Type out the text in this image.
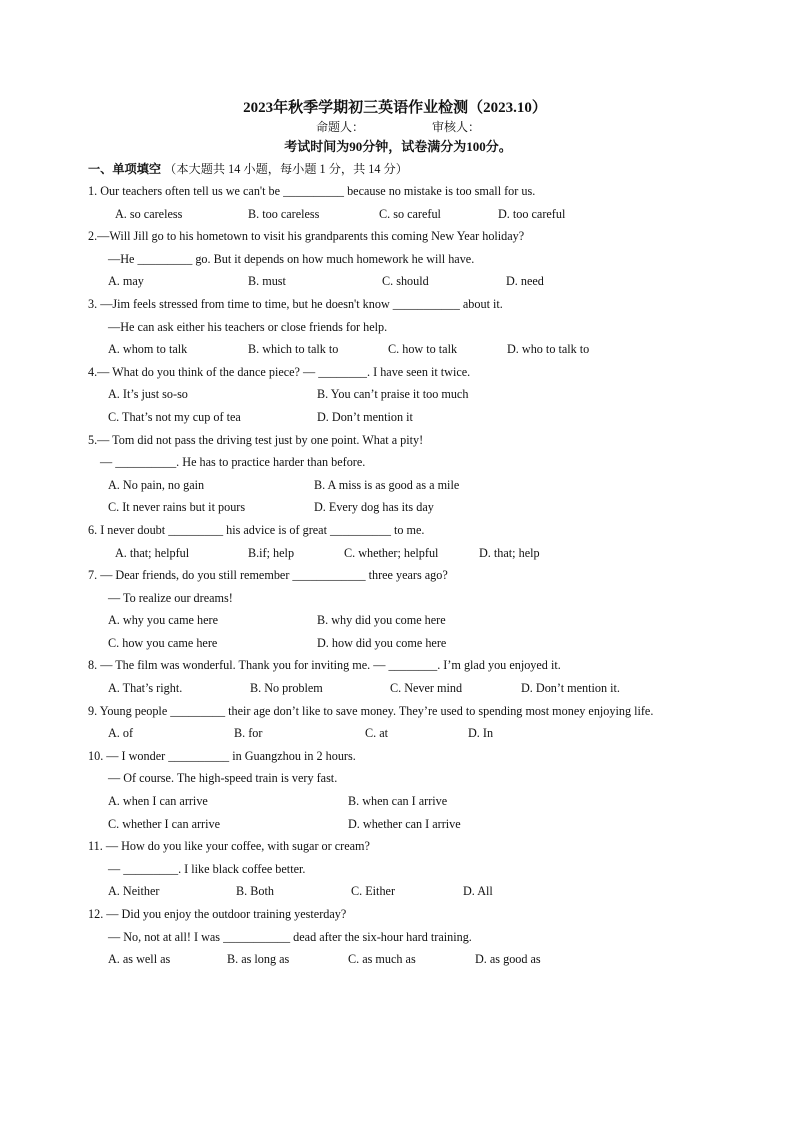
2023年秋季学期初三英语作业检测（2023.10）
命题人：	审核人：
考试时间为90分钟，试卷满分为100分。
一、单项填空 （本大题共 14 小题，每小题 1 分，共 14 分）
1. Our teachers often tell us we can't be __________ because no mistake is too small for us.
A. so careless	B. too careless	C. so careful	D. too careful
2.—Will Jill go to his hometown to visit his grandparents this coming New Year holiday?
—He _________ go. But it depends on how much homework he will have.
A. may	B. must	C. should	D. need
3. —Jim feels stressed from time to time, but he doesn't know ___________ about it.
—He can ask either his teachers or close friends for help.
A. whom to talk	B. which to talk to	C. how to talk	D. who to talk to
4.— What do you think of the dance piece? — ________. I have seen it twice.
A. It’s just so-so	B. You can’t praise it too much
C. That’s not my cup of tea	D. Don’t mention it
5.— Tom did not pass the driving test just by one point. What a pity!
— __________. He has to practice harder than before.
A. No pain, no gain	B. A miss is as good as a mile
C. It never rains but it pours	D. Every dog has its day
6. I never doubt _________ his advice is of great __________ to me.
A. that; helpful	B.if; help	C. whether; helpful	D. that; help
7. — Dear friends, do you still remember ____________ three years ago?
— To realize our dreams!
A. why you came here	B. why did you come here
C. how you came here	D. how did you come here
8. — The film was wonderful. Thank you for inviting me. — ________. I’m glad you enjoyed it.
A. That’s right.	B. No problem	C. Never mind	D. Don’t mention it.
9. Young people _________ their age don’t like to save money. They’re used to spending most money enjoying life.
A. of	B. for	C. at	D. In
10. — I wonder __________ in Guangzhou in 2 hours.
— Of course. The high-speed train is very fast.
A. when I can arrive	B. when can I arrive
C. whether I can arrive	D. whether can I arrive
11. — How do you like your coffee, with sugar or cream?
— _________. I like black coffee better.
A. Neither	B. Both	C. Either	D. All
12. — Did you enjoy the outdoor training yesterday?
— No, not at all! I was ___________ dead after the six-hour hard training.
A. as well as	B. as long as	C. as much as	D. as good as
